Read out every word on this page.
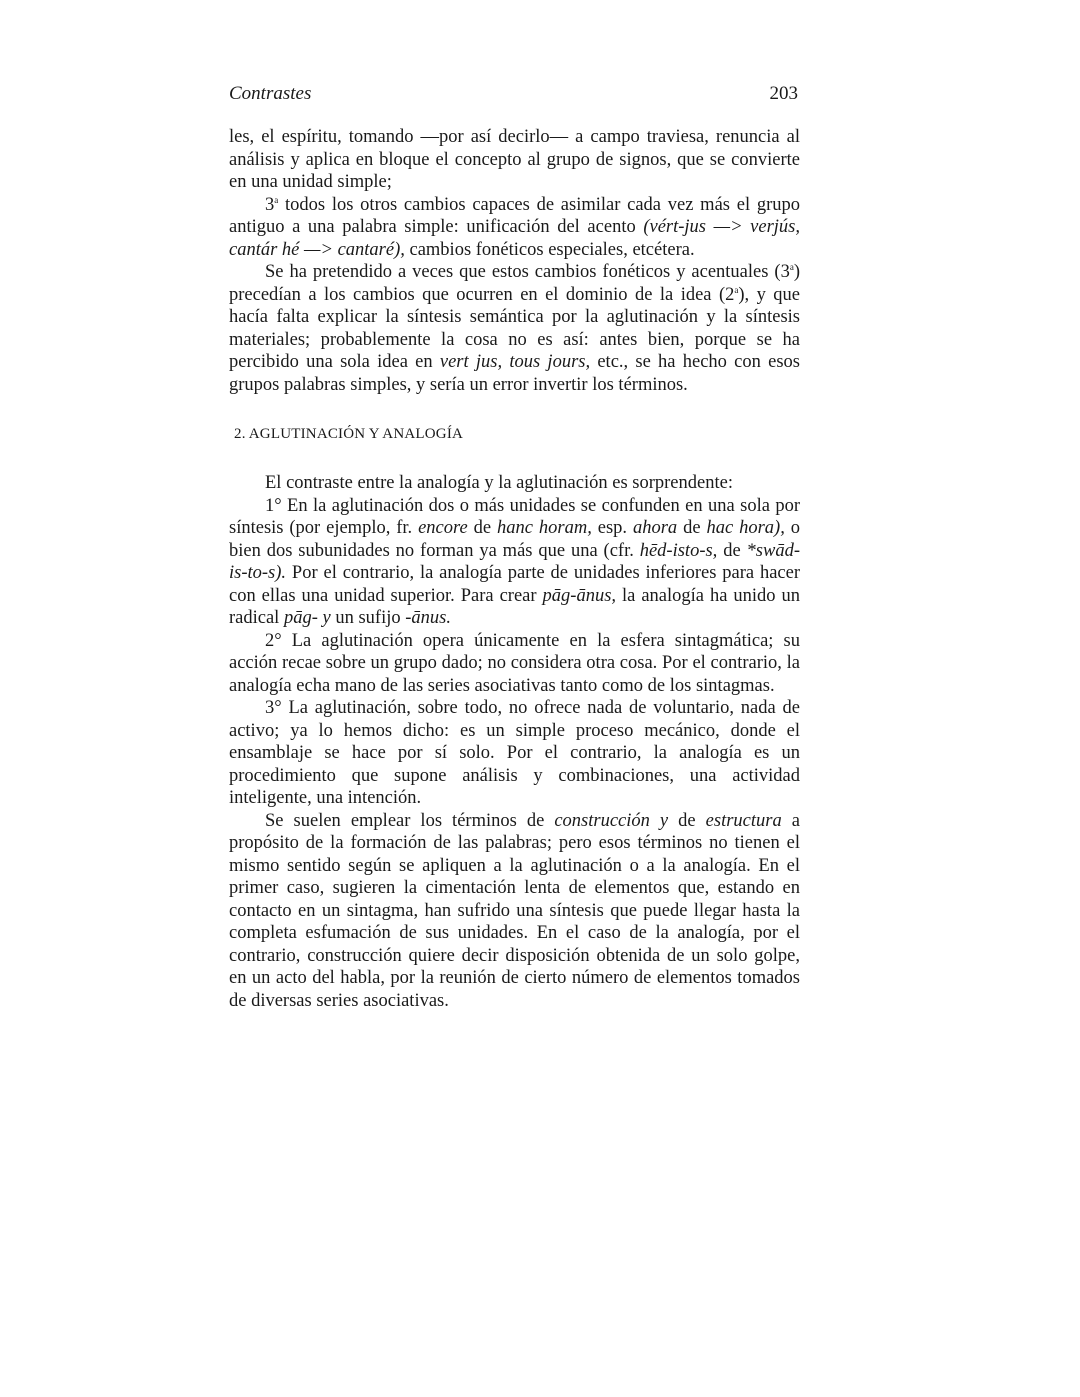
Contrastes	203

les, el espíritu, tomando —por así decirlo— a campo traviesa, renuncia al análisis y aplica en bloque el concepto al grupo de signos, que se convierte en una unidad simple;

3$^a$ todos los otros cambios capaces de asimilar cada vez más el grupo antiguo a una palabra simple: unificación del acento (vért-jus —> verjús, cantár hé —> cantaré), cambios fonéticos especiales, etcétera.

Se ha pretendido a veces que estos cambios fonéticos y acentuales (3$^a$) precedían a los cambios que ocurren en el dominio de la idea (2$^a$), y que hacía falta explicar la síntesis semántica por la aglutinación y la síntesis materiales; probablemente la cosa no es así: antes bien, porque se ha percibido una sola idea en vert jus, tous jours, etc., se ha hecho con esos grupos palabras simples, y sería un error invertir los términos.

2. AGLUTINACIÓN Y ANALOGÍA

El contraste entre la analogía y la aglutinación es sorprendente:

1° En la aglutinación dos o más unidades se confunden en una sola por síntesis (por ejemplo, fr. encore de hanc horam, esp. ahora de hac hora), o bien dos subunidades no forman ya más que una (cfr. hēd-isto-s, de *swād-is-to-s). Por el contrario, la analogía parte de unidades inferiores para hacer con ellas una unidad superior. Para crear pāg-ānus, la analogía ha unido un radical pāg- y un sufijo -ānus.

2° La aglutinación opera únicamente en la esfera sintagmática; su acción recae sobre un grupo dado; no considera otra cosa. Por el contrario, la analogía echa mano de las series asociativas tanto como de los sintagmas.

3° La aglutinación, sobre todo, no ofrece nada de voluntario, nada de activo; ya lo hemos dicho: es un simple proceso mecánico, donde el ensamblaje se hace por sí solo. Por el contrario, la analogía es un procedimiento que supone análisis y combinaciones, una actividad inteligente, una intención.

Se suelen emplear los términos de construcción y de estructura a propósito de la formación de las palabras; pero esos términos no tienen el mismo sentido según se apliquen a la aglutinación o a la analogía. En el primer caso, sugieren la cimentación lenta de elementos que, estando en contacto en un sintagma, han sufrido una síntesis que puede llegar hasta la completa esfumación de sus unidades. En el caso de la analogía, por el contrario, construcción quiere decir disposición obtenida de un solo golpe, en un acto del habla, por la reunión de cierto número de elementos tomados de diversas series asociativas.
